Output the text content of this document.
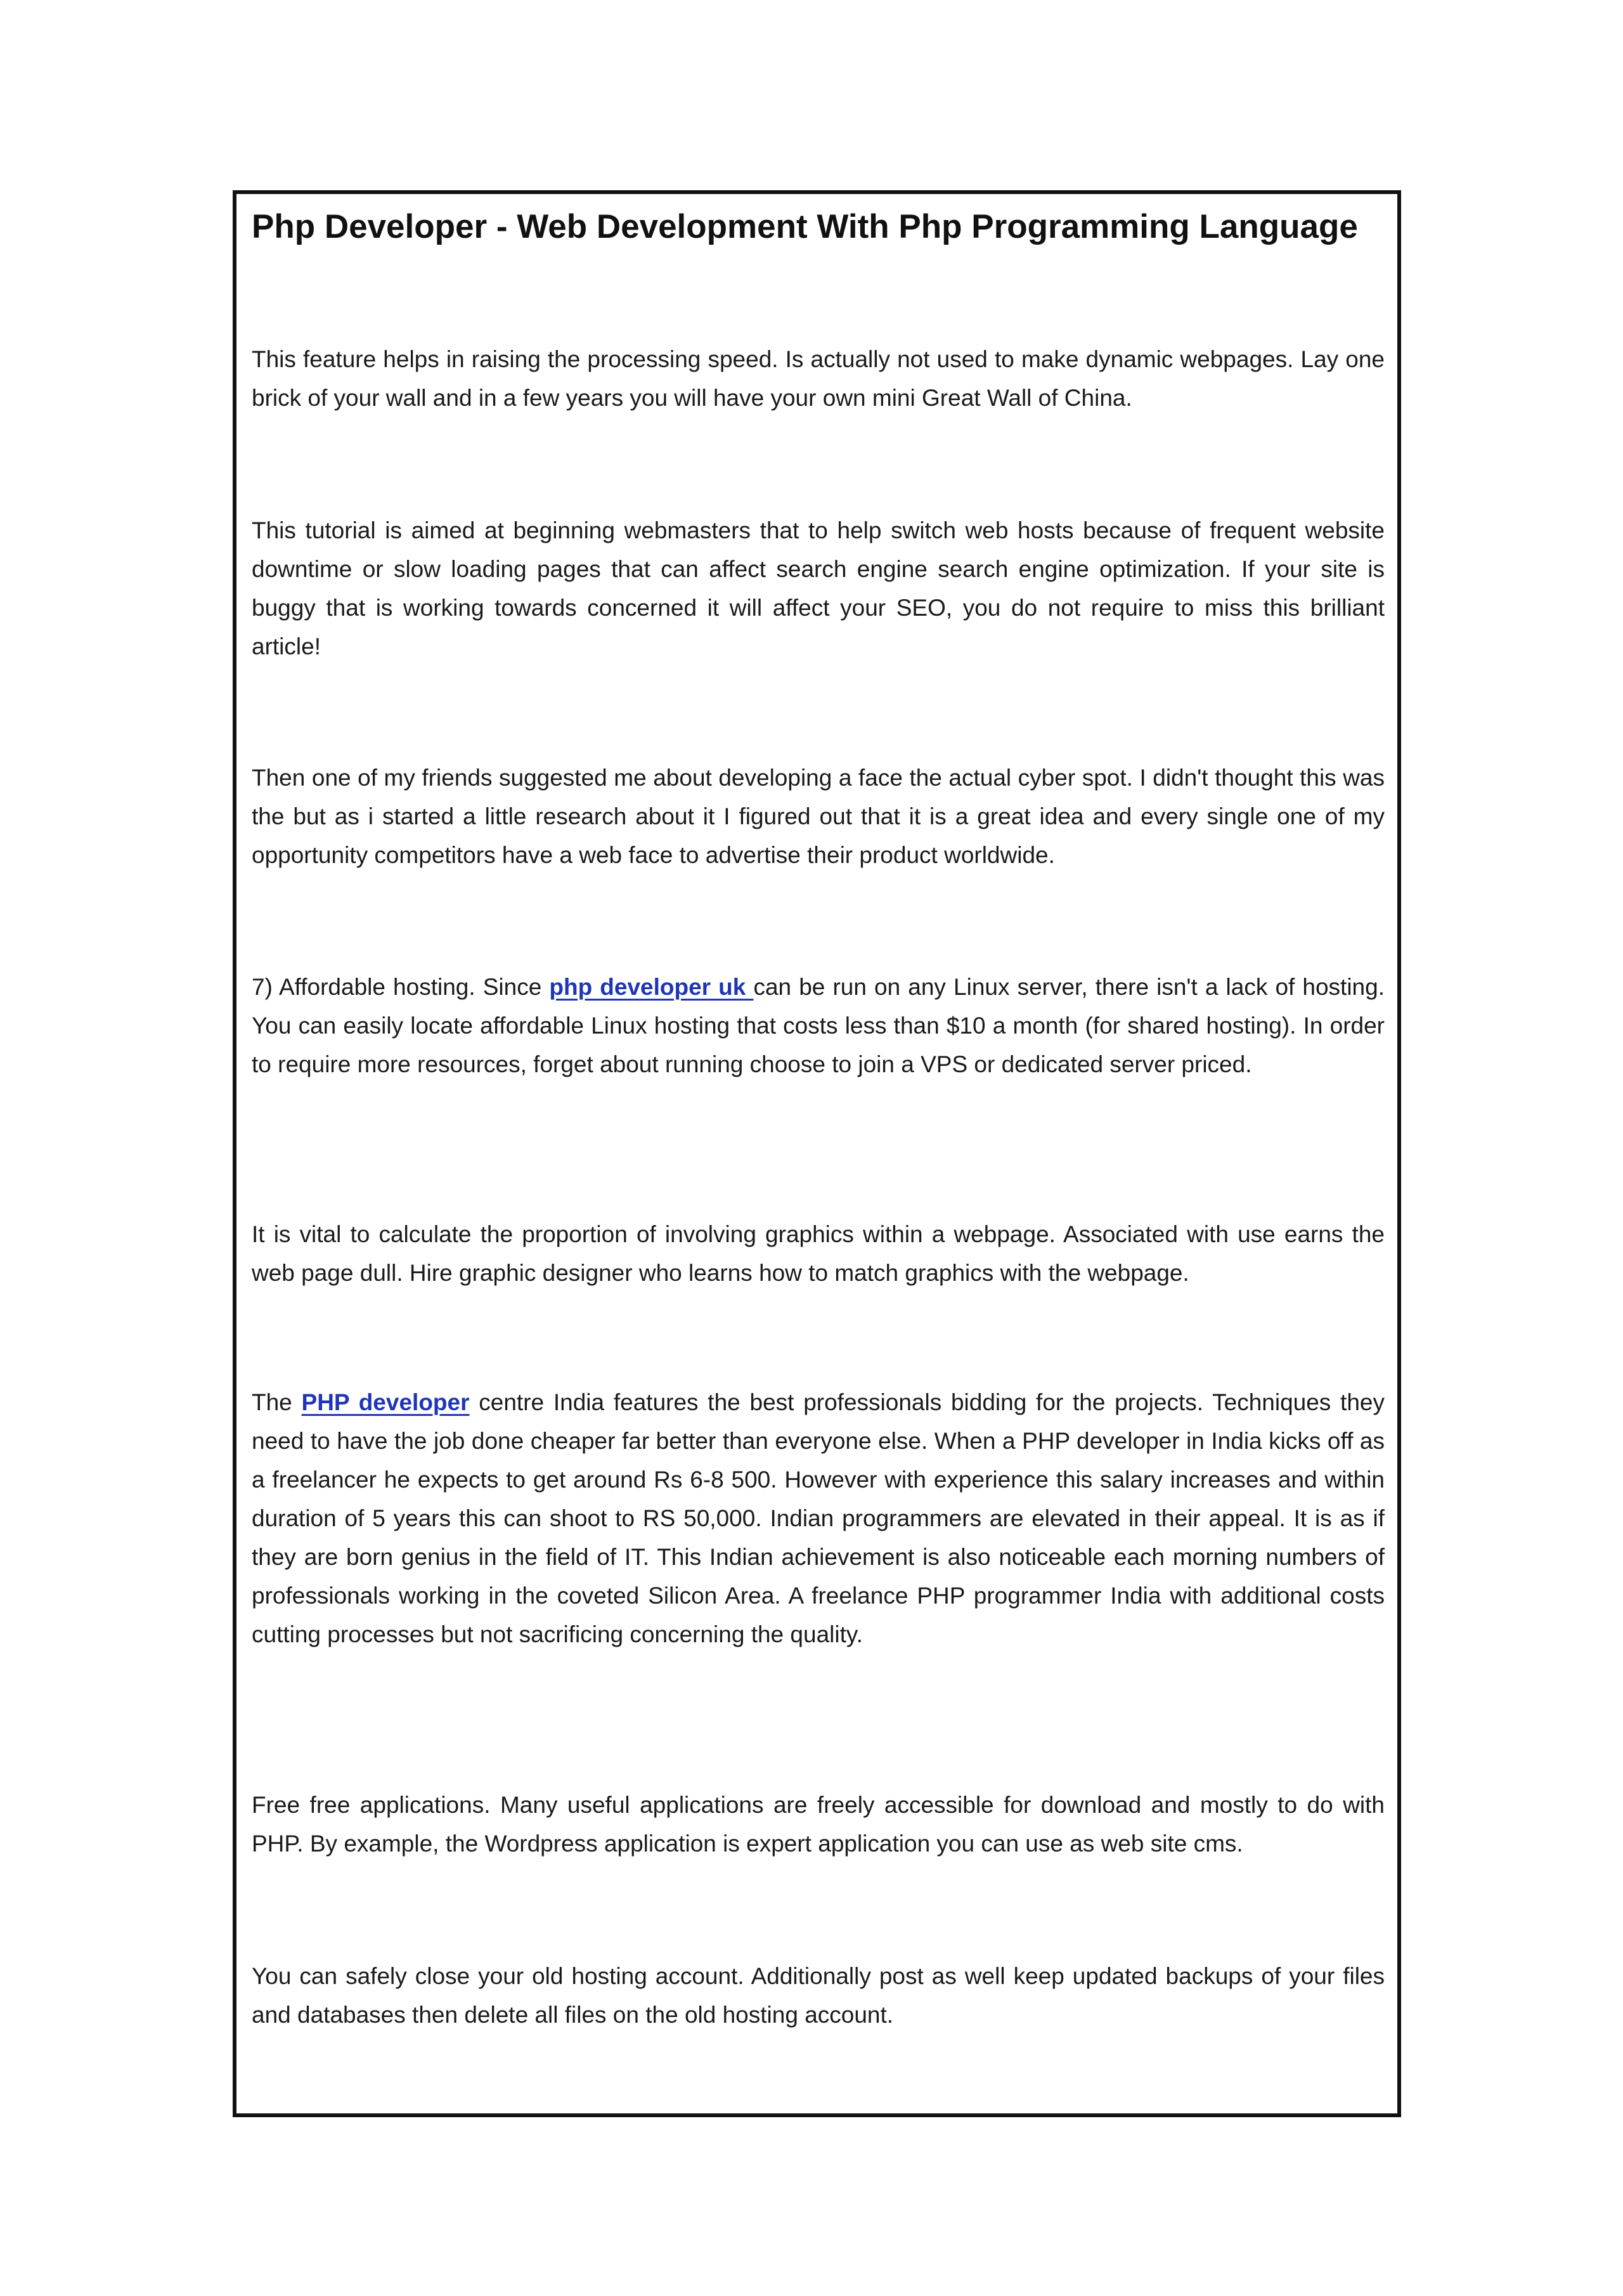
Php Developer - Web Development With Php Programming Language

This feature helps in raising the processing speed. Is actually not used to make dynamic webpages. Lay one brick of your wall and in a few years you will have your own mini Great Wall of China.

This tutorial is aimed at beginning webmasters that to help switch web hosts because of frequent website downtime or slow loading pages that can affect search engine search engine optimization. If your site is buggy that is working towards concerned it will affect your SEO, you do not require to miss this brilliant article!

Then one of my friends suggested me about developing a face the actual cyber spot. I didn't thought this was the but as i started a little research about it I figured out that it is a great idea and every single one of my opportunity competitors have a web face to advertise their product worldwide.

7) Affordable hosting. Since php developer uk can be run on any Linux server, there isn't a lack of hosting. You can easily locate affordable Linux hosting that costs less than $10 a month (for shared hosting). In order to require more resources, forget about running choose to join a VPS or dedicated server priced.

It is vital to calculate the proportion of involving graphics within a webpage. Associated with use earns the web page dull. Hire graphic designer who learns how to match graphics with the webpage.

The PHP developer centre India features the best professionals bidding for the projects. Techniques they need to have the job done cheaper far better than everyone else. When a PHP developer in India kicks off as a freelancer he expects to get around Rs 6-8 500. However with experience this salary increases and within duration of 5 years this can shoot to RS 50,000. Indian programmers are elevated in their appeal. It is as if they are born genius in the field of IT. This Indian achievement is also noticeable each morning numbers of professionals working in the coveted Silicon Area. A freelance PHP programmer India with additional costs cutting processes but not sacrificing concerning the quality.

Free free applications. Many useful applications are freely accessible for download and mostly to do with PHP. By example, the Wordpress application is expert application you can use as web site cms.

You can safely close your old hosting account. Additionally post as well keep updated backups of your files and databases then delete all files on the old hosting account.
